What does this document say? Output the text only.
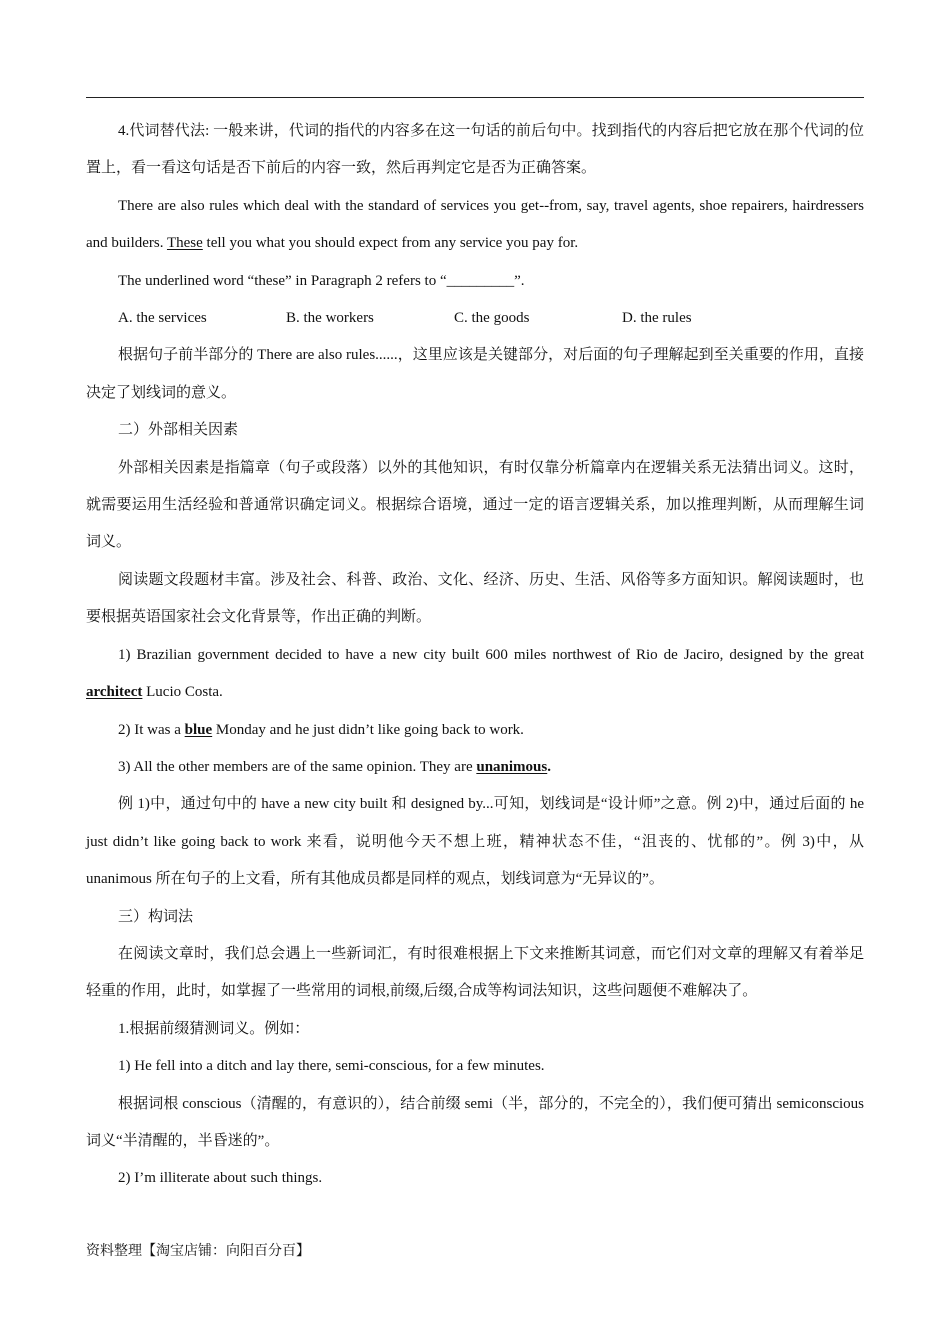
4.代词替代法: 一般来讲，代词的指代的内容多在这一句话的前后句中。找到指代的内容后把它放在那个代词的位置上，看一看这句话是否下前后的内容一致，然后再判定它是否为正确答案。

There are also rules which deal with the standard of services you get--from, say, travel agents, shoe repairers, hairdressers and builders. These tell you what you should expect from any service you pay for.

The underlined word “these” in Paragraph 2 refers to “_________”.

A. the services	B. the workers	C. the goods	D. the rules

根据句子前半部分的 There are also rules......，这里应该是关键部分，对后面的句子理解起到至关重要的作用，直接决定了划线词的意义。

二）外部相关因素

外部相关因素是指篇章（句子或段落）以外的其他知识，有时仅靠分析篇章内在逻辑关系无法猜出词义。这时，就需要运用生活经验和普通常识确定词义。根据综合语境，通过一定的语言逻辑关系，加以推理判断，从而理解生词词义。

阅读题文段题材丰富。涉及社会、科普、政治、文化、经济、历史、生活、风俗等多方面知识。解阅读题时，也要根据英语国家社会文化背景等，作出正确的判断。

1) Brazilian government decided to have a new city built 600 miles northwest of Rio de Jaciro, designed by the great architect Lucio Costa.

2) It was a blue Monday and he just didn’t like going back to work.

3) All the other members are of the same opinion. They are unanimous.

例 1)中，通过句中的 have a new city built 和 designed by...可知，划线词是“设计师”之意。例 2)中，通过后面的 he just didn’t like going back to work 来看，说明他今天不想上班，精神状态不佳，“沮丧的、忧郁的”。例 3)中，从 unanimous 所在句子的上文看，所有其他成员都是同样的观点，划线词意为“无异议的”。

三）构词法

在阅读文章时，我们总会遇上一些新词汇，有时很难根据上下文来推断其词意，而它们对文章的理解又有着举足轻重的作用，此时，如掌握了一些常用的词根,前缀,后缀,合成等构词法知识，这些问题便不难解决了。

1.根据前缀猜测词义。例如：

1) He fell into a ditch and lay there, semi-conscious, for a few minutes.

根据词根 conscious（清醒的，有意识的），结合前缀 semi（半，部分的，不完全的），我们便可猜出 semiconscious 词义“半清醒的，半昏迷的”。

2) I’m illiterate about such things.

资料整理【淘宝店铺：向阳百分百】
